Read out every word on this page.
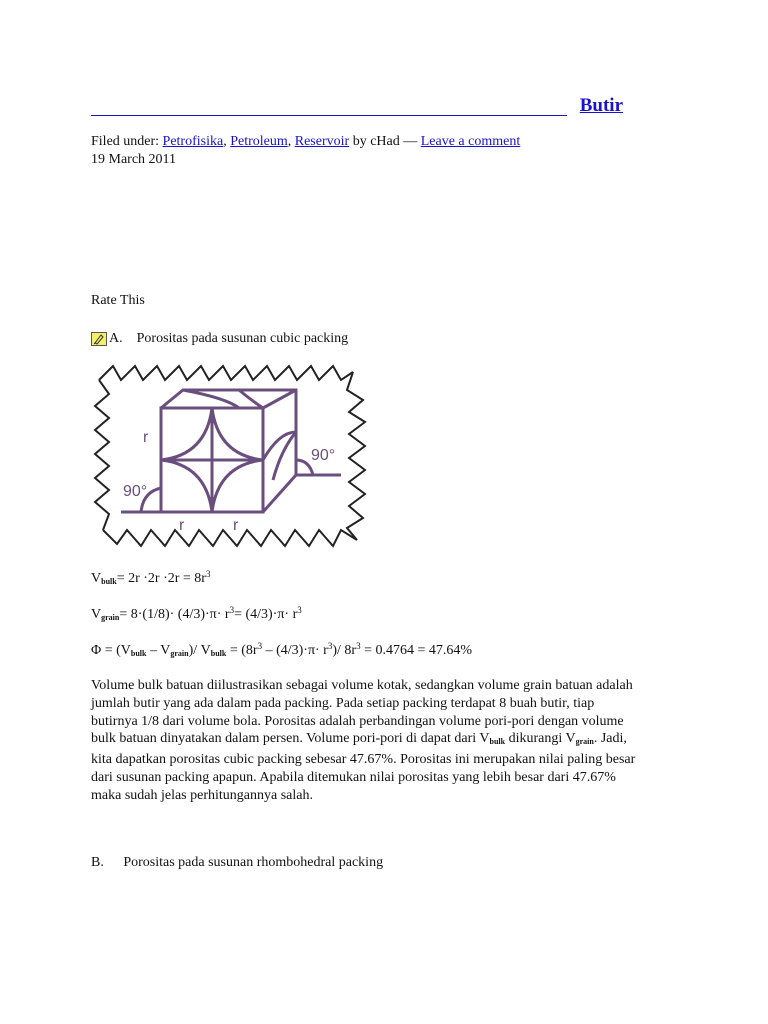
Butir
Filed under: Petrofisika, Petroleum, Reservoir by cHad — Leave a comment
19 March 2011
Rate This
A. Porositas pada susunan cubic packing
r
r	r
90°
90°
$V_{bulk}= 2r \cdot 2r \cdot 2r = 8r^3$
$V_{grain}= 8\cdot(1/8)\cdot (4/3)\cdot\pi\cdot r^3= (4/3)\cdot\pi\cdot r^3$
$\Phi = (V_{bulk} - V_{grain})/$ $V_{bulk} = (8r^3 - (4/3)\cdot\pi\cdot r^3)/$ $8r^3 = 0.4764 = 47.64\%$
Volume bulk batuan diilustrasikan sebagai volume kotak, sedangkan volume grain batuan adalah
jumlah butir yang ada dalam pada packing. Pada setiap packing terdapat 8 buah butir, tiap
butirnya 1/8 dari volume bola. Porositas adalah perbandingan volume pori-pori dengan volume
bulk batuan dinyatakan dalam persen. Volume pori-pori di dapat dari $V_{bulk}$ dikurangi $V_{grain}$. Jadi,
kita dapatkan porositas cubic packing sebesar 47.67%. Porositas ini merupakan nilai paling besar
dari susunan packing apapun. Apabila ditemukan nilai porositas yang lebih besar dari 47.67%
maka sudah jelas perhitungannya salah.
B. Porositas pada susunan rhombohedral packing
